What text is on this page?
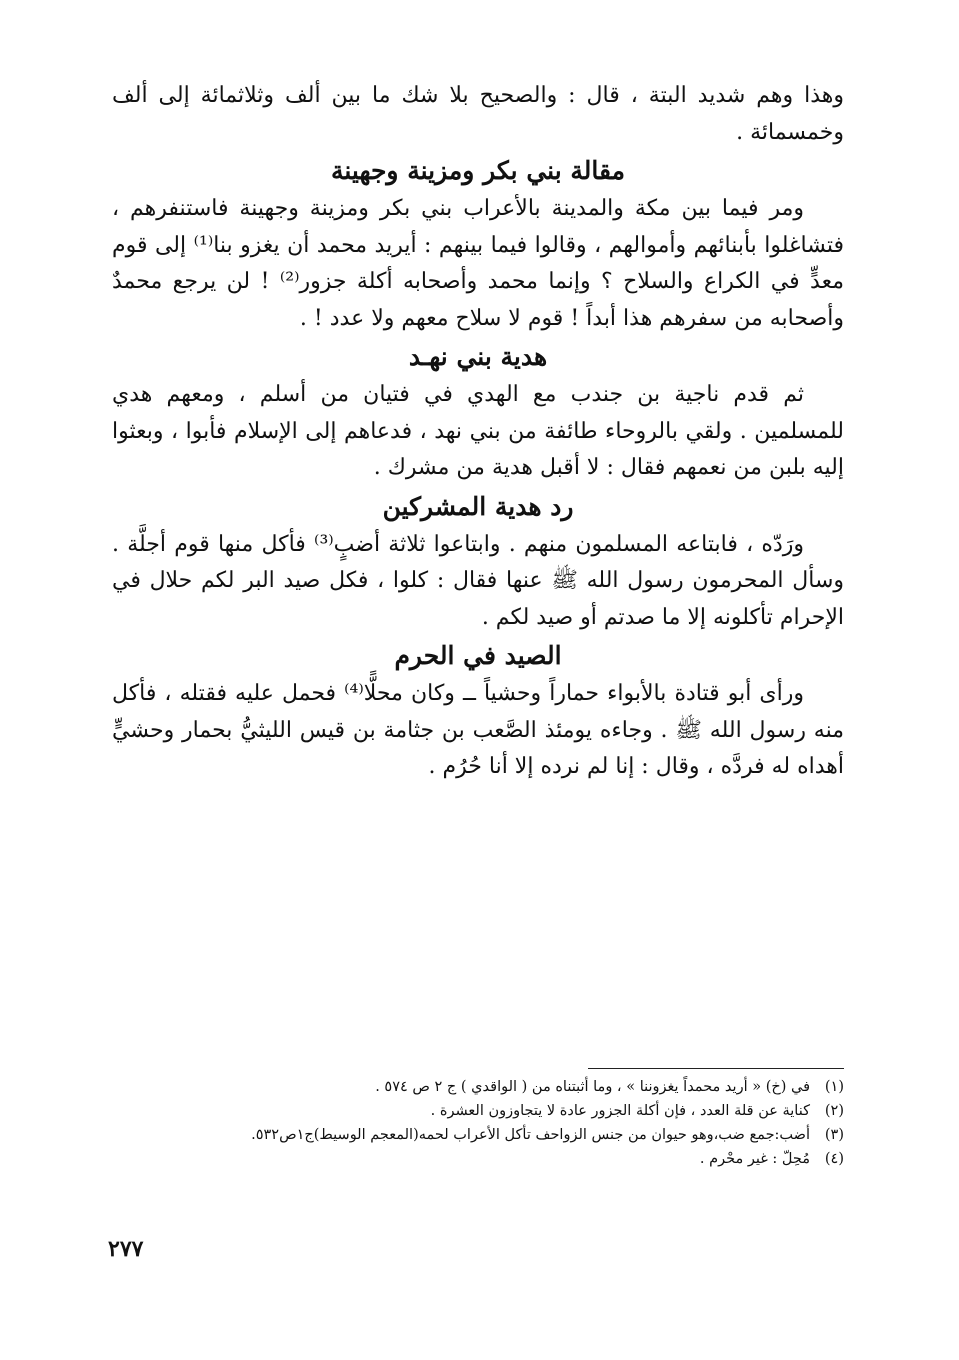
وهذا وهم شديد البتة ، قال : والصحيح بلا شك ما بين ألف وثلاثمائة إلى ألف وخمسمائة .

مقالة بني بكر ومزينة وجهينة

ومر فيما بين مكة والمدينة بالأعراب بني بكر ومزينة وجهينة فاستنفرهم ، فتشاغلوا بأبنائهم وأموالهم ، وقالوا فيما بينهم : أيريد محمد أن يغزو بنا⁽¹⁾ إلى قوم معدٍّ في الكراع والسلاح ؟ وإنما محمد وأصحابه أكلة جزور⁽²⁾ ! لن يرجع محمدٌ وأصحابه من سفرهم هذا أبداً ! قوم لا سلاح معهم ولا عدد ! .

هدية بني نهـد

ثم قدم ناجية بن جندب مع الهدي في فتيان من أسلم ، ومعهم هدي للمسلمين . ولقي بالروحاء طائفة من بني نهد ، فدعاهم إلى الإسلام فأبوا ، وبعثوا إليه بلبن من نعمهم فقال : لا أقبل هدية من مشرك .

رد هدية المشركين

ورَدّه ، فابتاعه المسلمون منهم . وابتاعوا ثلاثة أضبٍ⁽³⁾ فأكل منها قوم أجلَّة . وسأل المحرمون رسول الله ﷺ عنها فقال : كلوا ، فكل صيد البر لكم حلال في الإحرام تأكلونه إلا ما صدتم أو صيد لكم .

الصيد في الحرم

ورأى أبو قتادة بالأبواء حماراً وحشياً ــ وكان محلًّا⁽⁴⁾ فحمل عليه فقتله ، فأكل منه رسول الله ﷺ . وجاءه يومئذ الصَّعب بن جثامة بن قيس الليثيُّ بحمار وحشيٍّ أهداه له فردَّه ، وقال : إنا لم نرده إلا أنا حُرُم .

(١)
في (خ) « أريد محمداً يغزوننا » ، وما أثبتناه من ( الواقدي ) ج ٢ ص ٥٧٤ .
(٢)
كناية عن قلة العدد ، فإن أكلة الجزور عادة لا يتجاوزون العشرة .
(٣)
أضب:جمع ضب،وهو حيوان من جنس الزواحف تأكل الأعراب لحمه(المعجم الوسيط)ج١ص٥٣٢.
(٤)
مُحِلّ : غير محْرم .
٢٧٧
